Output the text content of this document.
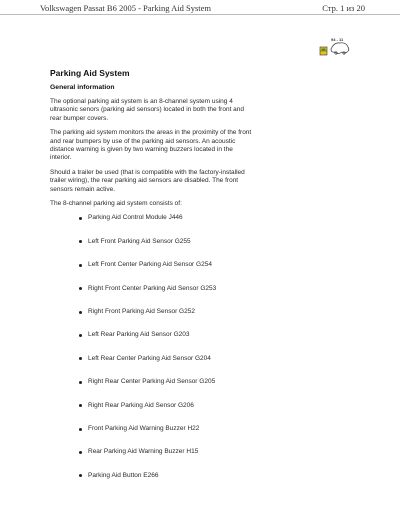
Volkswagen Passat B6 2005 - Parking Aid System	Стр. 1 из 20
94 - 11
Parking Aid System
General information
The optional parking aid system is an 8-channel system using 4 ultrasonic senors (parking aid sensors) located in both the front and rear bumper covers.
The parking aid system monitors the areas in the proximity of the front and rear bumpers by use of the parking aid sensors. An acoustic distance warning is given by two warning buzzers located in the interior.
Should a trailer be used (that is compatible with the factory-installed trailer wiring), the rear parking aid sensors are disabled. The front sensors remain active.
The 8-channel parking aid system consists of:
Parking Aid Control Module J446
Left Front Parking Aid Sensor G255
Left Front Center Parking Aid Sensor G254
Right Front Center Parking Aid Sensor G253
Right Front Parking Aid Sensor G252
Left Rear Parking Aid Sensor G203
Left Rear Center Parking Aid Sensor G204
Right Rear Center Parking Aid Sensor G205
Right Rear Parking Aid Sensor G206
Front Parking Aid Warning Buzzer H22
Rear Parking Aid Warning Buzzer H15
Parking Aid Button E266
